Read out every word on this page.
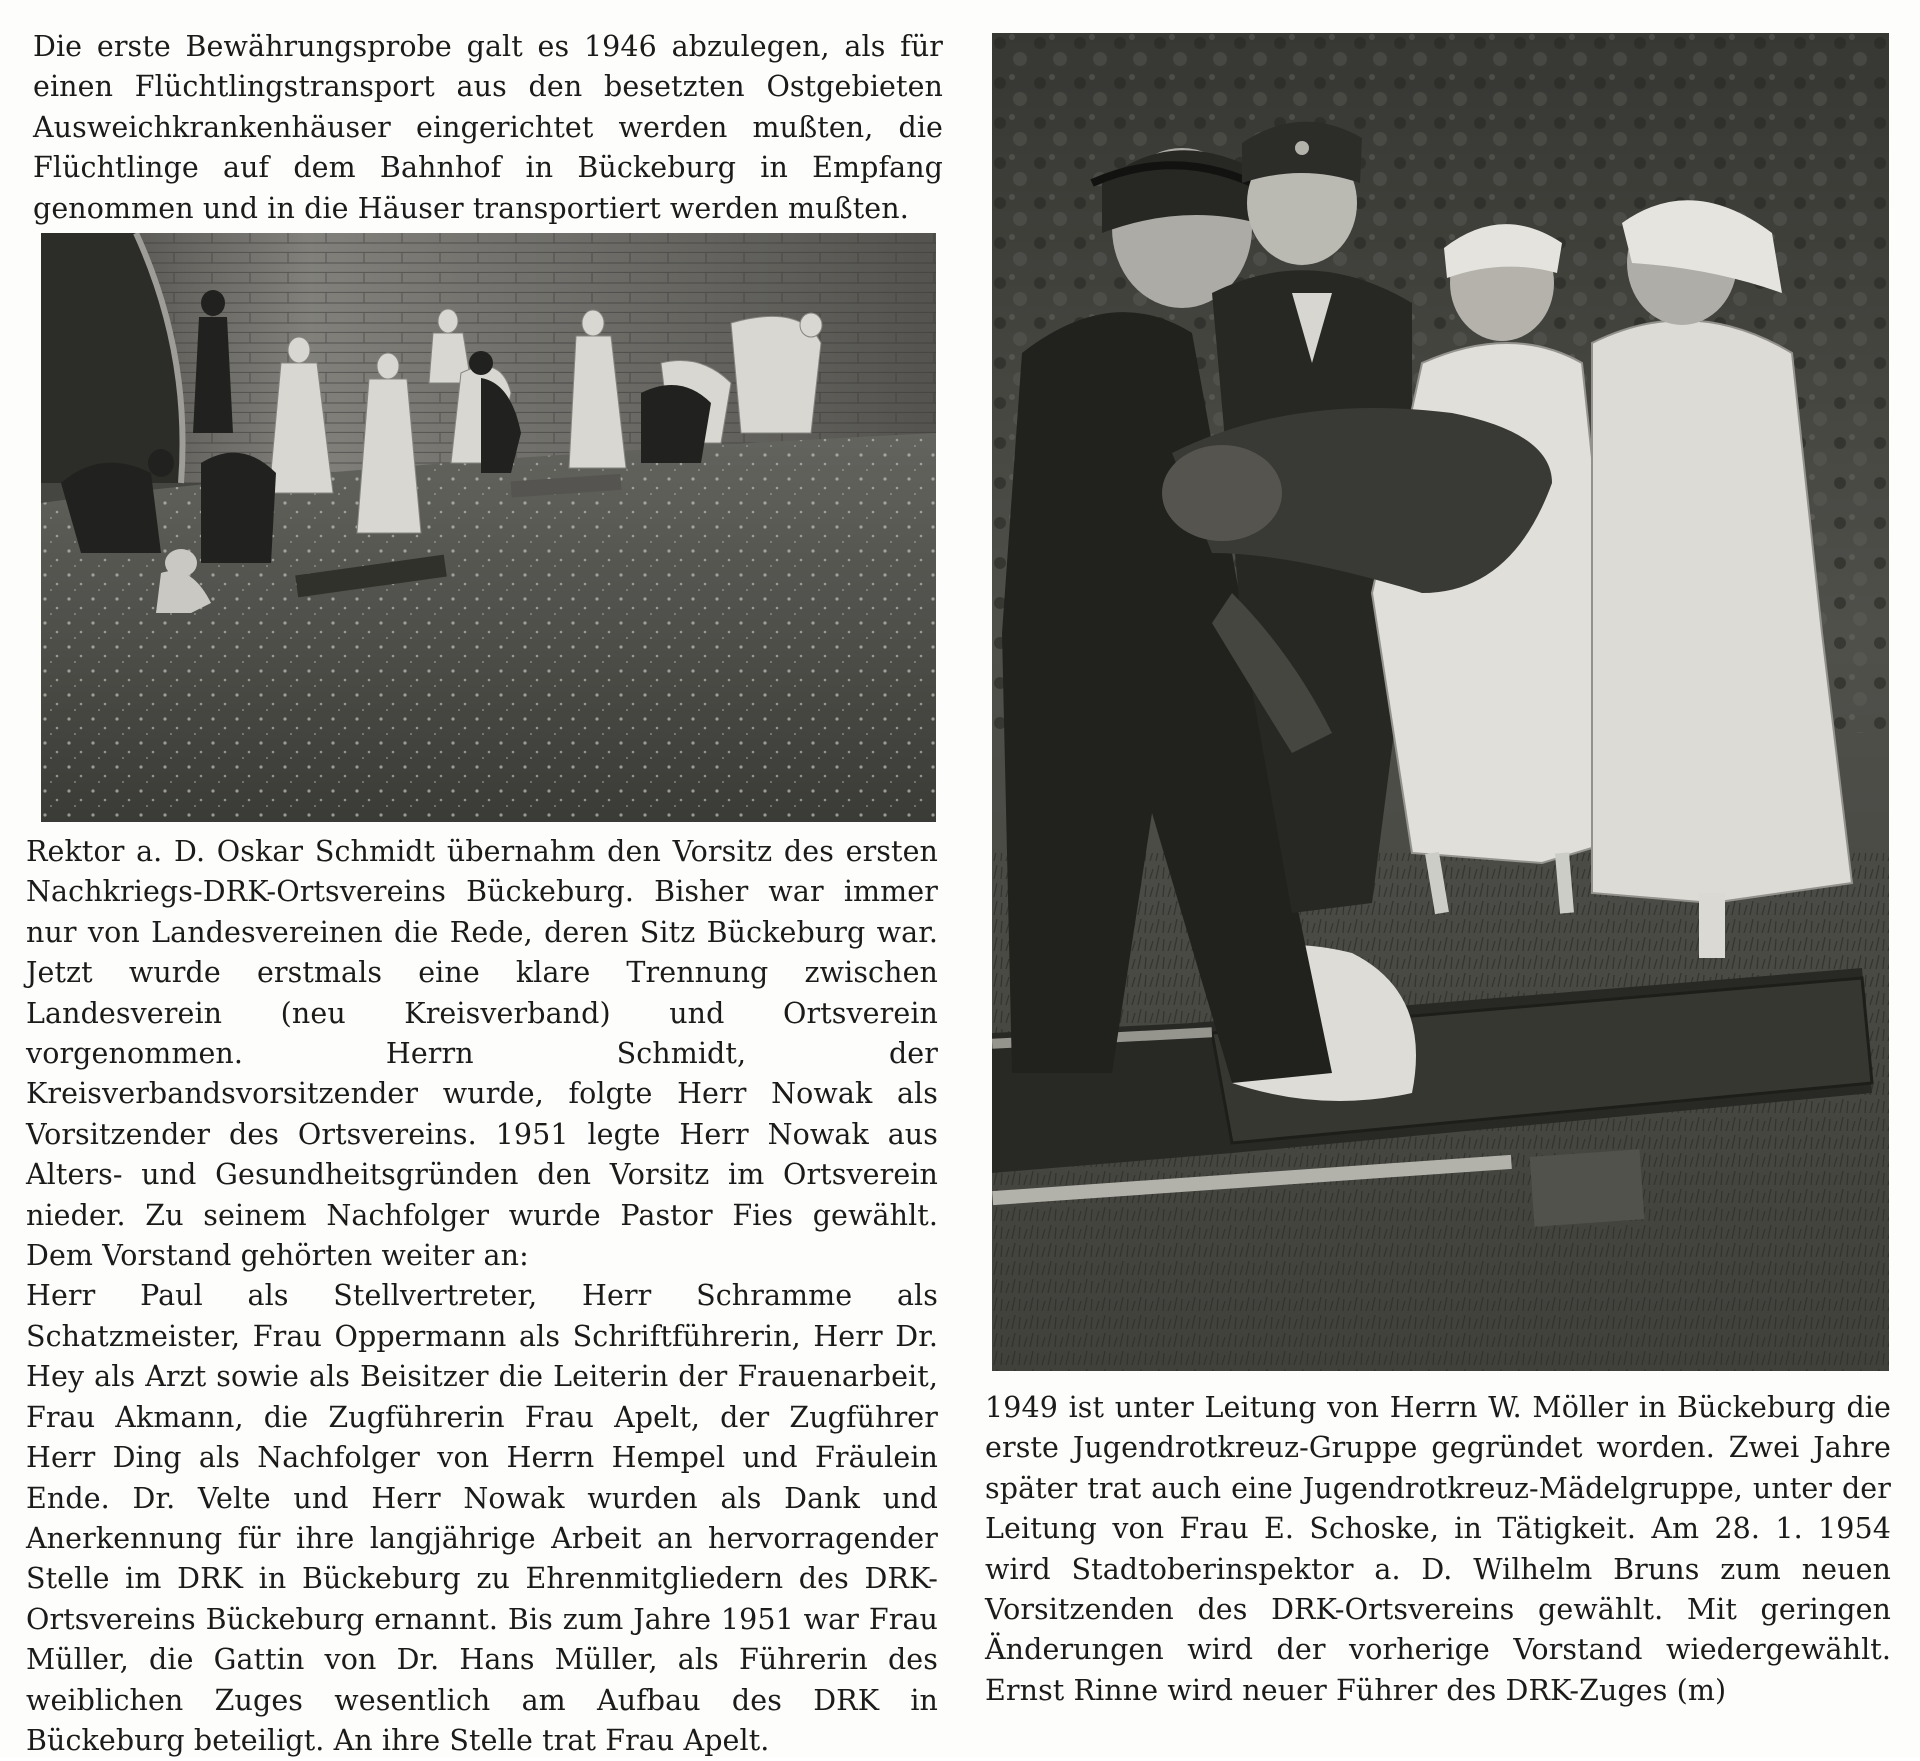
Die erste Bewährungsprobe galt es 1946 abzulegen, als für einen Flüchtlingstransport aus den besetzten Ostgebieten Ausweichkrankenhäuser eingerichtet werden mußten, die Flüchtlinge auf dem Bahnhof in Bückeburg in Empfang genommen und in die Häuser transportiert werden mußten.

Rektor a. D. Oskar Schmidt übernahm den Vorsitz des ersten Nachkriegs-DRK-Ortsvereins Bückeburg. Bisher war immer nur von Landesvereinen die Rede, deren Sitz Bückeburg war. Jetzt wurde erstmals eine klare Trennung zwischen Landesverein (neu Kreisverband) und Ortsverein vorgenommen. Herrn Schmidt, der Kreisverbandsvorsitzender wurde, folgte Herr Nowak als Vorsitzender des Ortsvereins. 1951 legte Herr Nowak aus Alters- und Gesundheitsgründen den Vorsitz im Ortsverein nieder. Zu seinem Nachfolger wurde Pastor Fies gewählt. Dem Vorstand gehörten weiter an:

Herr Paul als Stellvertreter, Herr Schramme als Schatzmeister, Frau Oppermann als Schriftführerin, Herr Dr. Hey als Arzt sowie als Beisitzer die Leiterin der Frauenarbeit, Frau Akmann, die Zugführerin Frau Apelt, der Zugführer Herr Ding als Nachfolger von Herrn Hempel und Fräulein Ende. Dr. Velte und Herr Nowak wurden als Dank und Anerkennung für ihre langjährige Arbeit an hervorragender Stelle im DRK in Bückeburg zu Ehrenmitgliedern des DRK-Ortsvereins Bückeburg ernannt. Bis zum Jahre 1951 war Frau Müller, die Gattin von Dr. Hans Müller, als Führerin des weiblichen Zuges wesentlich am Aufbau des DRK in Bückeburg beteiligt. An ihre Stelle trat Frau Apelt.

1949 ist unter Leitung von Herrn W. Möller in Bückeburg die erste Jugendrotkreuz-Gruppe gegründet worden. Zwei Jahre später trat auch eine Jugendrotkreuz-Mädelgruppe, unter der Leitung von Frau E. Schoske, in Tätigkeit. Am 28. 1. 1954 wird Stadtoberinspektor a. D. Wilhelm Bruns zum neuen Vorsitzenden des DRK-Ortsvereins gewählt. Mit geringen Änderungen wird der vorherige Vorstand wiedergewählt. Ernst Rinne wird neuer Führer des DRK-Zuges (m)
